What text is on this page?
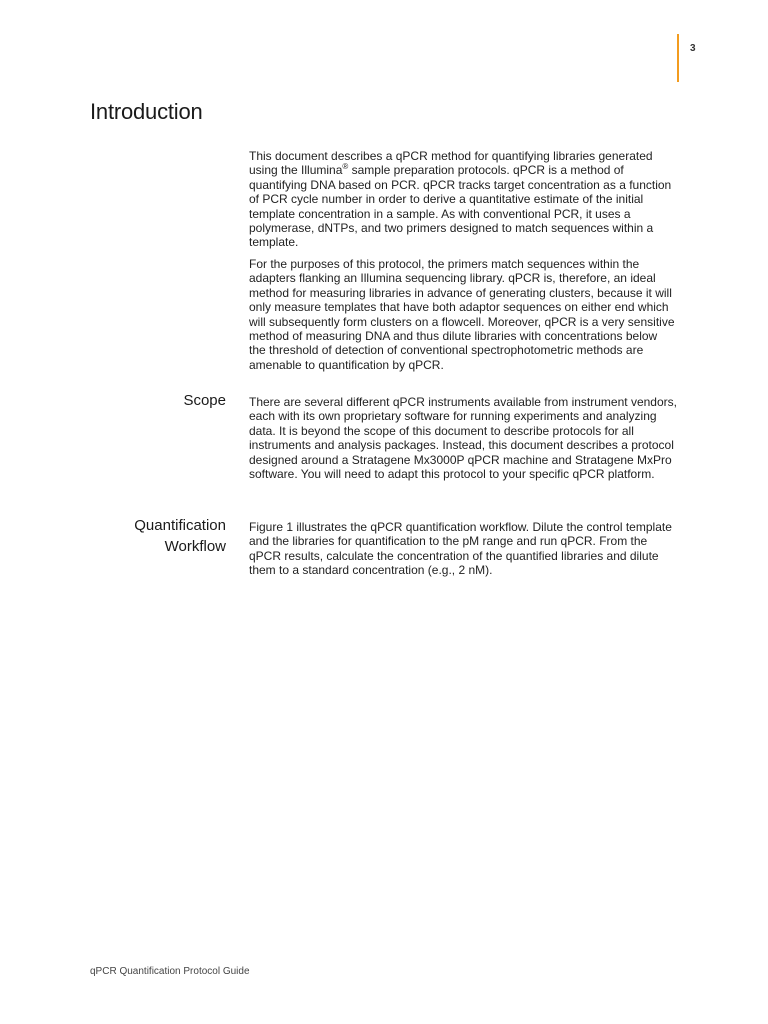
3
Introduction

This document describes a qPCR method for quantifying libraries generated using the Illumina® sample preparation protocols. qPCR is a method of quantifying DNA based on PCR. qPCR tracks target concentration as a function of PCR cycle number in order to derive a quantitative estimate of the initial template concentration in a sample. As with conventional PCR, it uses a polymerase, dNTPs, and two primers designed to match sequences within a template.

For the purposes of this protocol, the primers match sequences within the adapters flanking an Illumina sequencing library. qPCR is, therefore, an ideal method for measuring libraries in advance of generating clusters, because it will only measure templates that have both adaptor sequences on either end which will subsequently form clusters on a flowcell. Moreover, qPCR is a very sensitive method of measuring DNA and thus dilute libraries with concentrations below the threshold of detection of conventional spectrophotometric methods are amenable to quantification by qPCR.

Scope There are several different qPCR instruments available from instrument vendors, each with its own proprietary software for running experiments and analyzing data. It is beyond the scope of this document to describe protocols for all instruments and analysis packages. Instead, this document describes a protocol designed around a Stratagene Mx3000P qPCR machine and Stratagene MxPro software. You will need to adapt this protocol to your specific qPCR platform.

Quantification
Workflow

Figure 1 illustrates the qPCR quantification workflow. Dilute the control template and the libraries for quantification to the pM range and run qPCR. From the qPCR results, calculate the concentration of the quantified libraries and dilute them to a standard concentration (e.g., 2 nM).

qPCR Quantification Protocol Guide
